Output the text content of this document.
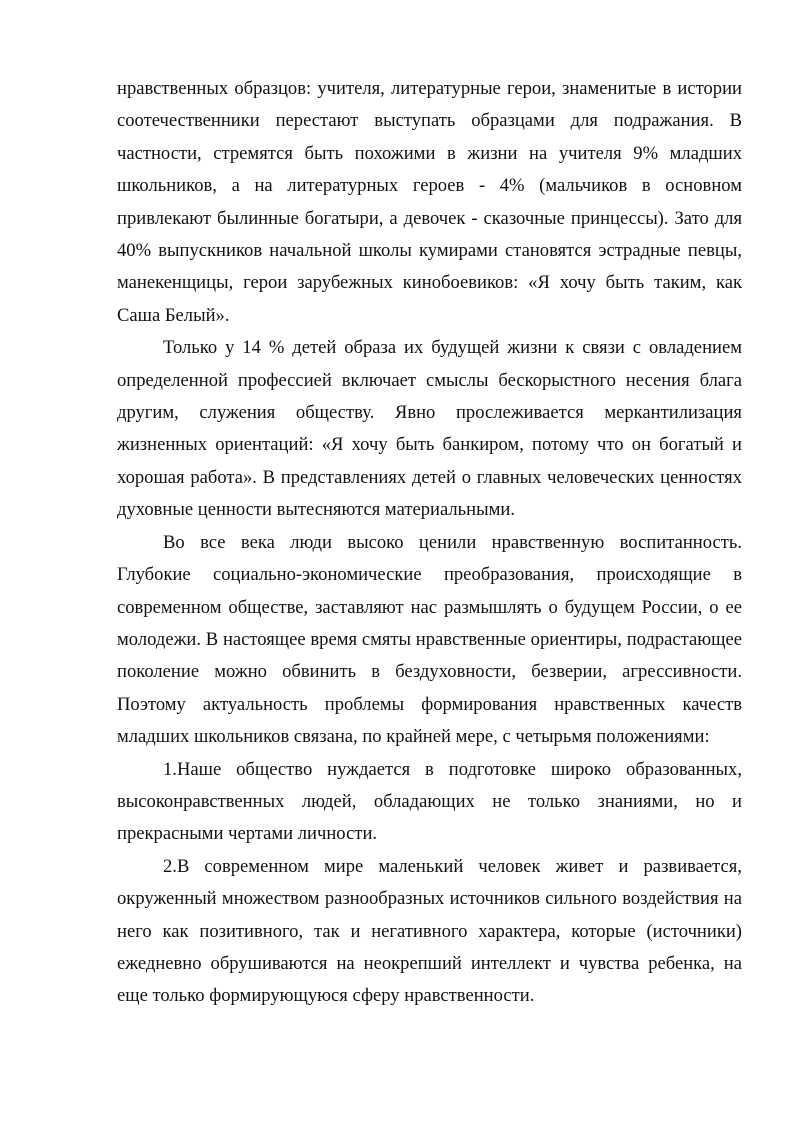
нравственных образцов: учителя, литературные герои, знаменитые в истории соотечественники перестают выступать образцами для подражания. В частности, стремятся быть похожими в жизни на учителя 9% младших школьников, а на литературных героев - 4% (мальчиков в основном привлекают былинные богатыри, а девочек - сказочные принцессы). Зато для 40% выпускников начальной школы кумирами становятся эстрадные певцы, манекенщицы, герои зарубежных кинобоевиков: «Я хочу быть таким, как Саша Белый».

Только у 14 % детей образа их будущей жизни к связи с овладением определенной профессией включает смыслы бескорыстного несения блага другим, служения обществу. Явно прослеживается меркантилизация жизненных ориентаций: «Я хочу быть банкиром, потому что он богатый и хорошая работа». В представлениях детей о главных человеческих ценностях духовные ценности вытесняются материальными.

Во все века люди высоко ценили нравственную воспитанность. Глубокие социально-экономические преобразования, происходящие в современном обществе, заставляют нас размышлять о будущем России, о ее молодежи. В настоящее время смяты нравственные ориентиры, подрастающее поколение можно обвинить в бездуховности, безверии, агрессивности. Поэтому актуальность проблемы формирования нравственных качеств младших школьников связана, по крайней мере, с четырьмя положениями:

1.Наше общество нуждается в подготовке широко образованных, высоконравственных людей, обладающих не только знаниями, но и прекрасными чертами личности.

2.В современном мире маленький человек живет и развивается, окруженный множеством разнообразных источников сильного воздействия на него как позитивного, так и негативного характера, которые (источники) ежедневно обрушиваются на неокрепший интеллект и чувства ребенка, на еще только формирующуюся сферу нравственности.
